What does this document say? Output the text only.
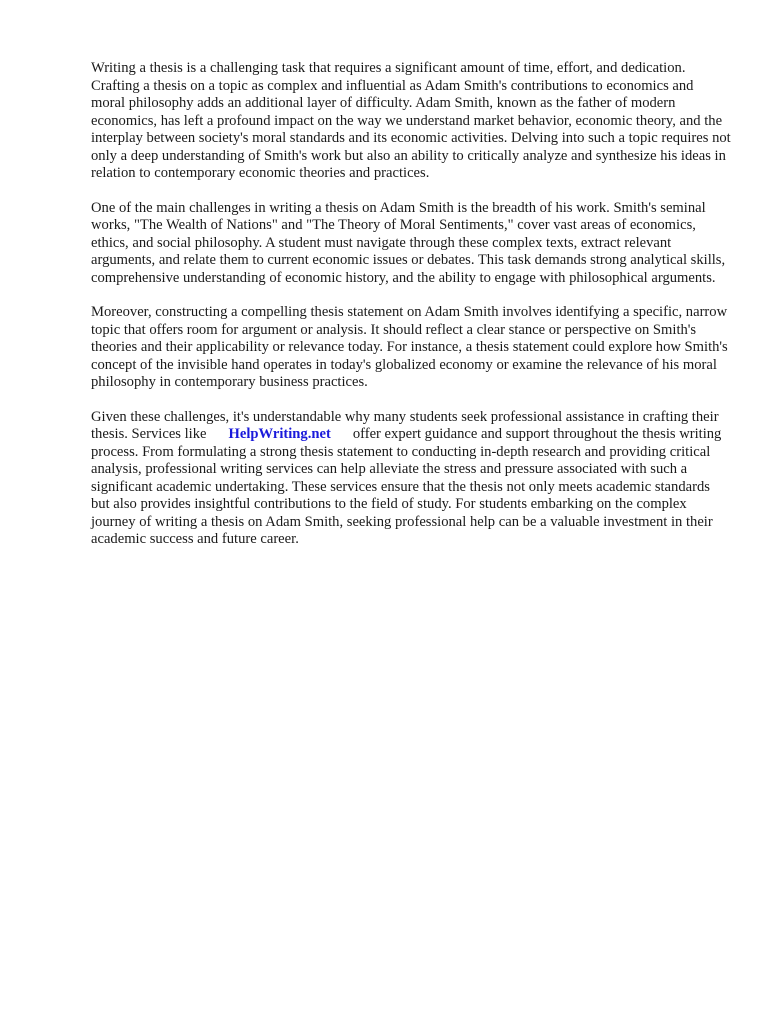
Writing a thesis is a challenging task that requires a significant amount of time, effort, and dedication. Crafting a thesis on a topic as complex and influential as Adam Smith's contributions to economics and moral philosophy adds an additional layer of difficulty. Adam Smith, known as the father of modern economics, has left a profound impact on the way we understand market behavior, economic theory, and the interplay between society's moral standards and its economic activities. Delving into such a topic requires not only a deep understanding of Smith's work but also an ability to critically analyze and synthesize his ideas in relation to contemporary economic theories and practices.

One of the main challenges in writing a thesis on Adam Smith is the breadth of his work. Smith's seminal works, "The Wealth of Nations" and "The Theory of Moral Sentiments," cover vast areas of economics, ethics, and social philosophy. A student must navigate through these complex texts, extract relevant arguments, and relate them to current economic issues or debates. This task demands strong analytical skills, comprehensive understanding of economic history, and the ability to engage with philosophical arguments.

Moreover, constructing a compelling thesis statement on Adam Smith involves identifying a specific, narrow topic that offers room for argument or analysis. It should reflect a clear stance or perspective on Smith's theories and their applicability or relevance today. For instance, a thesis statement could explore how Smith's concept of the invisible hand operates in today's globalized economy or examine the relevance of his moral philosophy in contemporary business practices.

Given these challenges, it's understandable why many students seek professional assistance in crafting their thesis. Services like HelpWriting.net offer expert guidance and support throughout the thesis writing process. From formulating a strong thesis statement to conducting in-depth research and providing critical analysis, professional writing services can help alleviate the stress and pressure associated with such a significant academic undertaking. These services ensure that the thesis not only meets academic standards but also provides insightful contributions to the field of study. For students embarking on the complex journey of writing a thesis on Adam Smith, seeking professional help can be a valuable investment in their academic success and future career.
